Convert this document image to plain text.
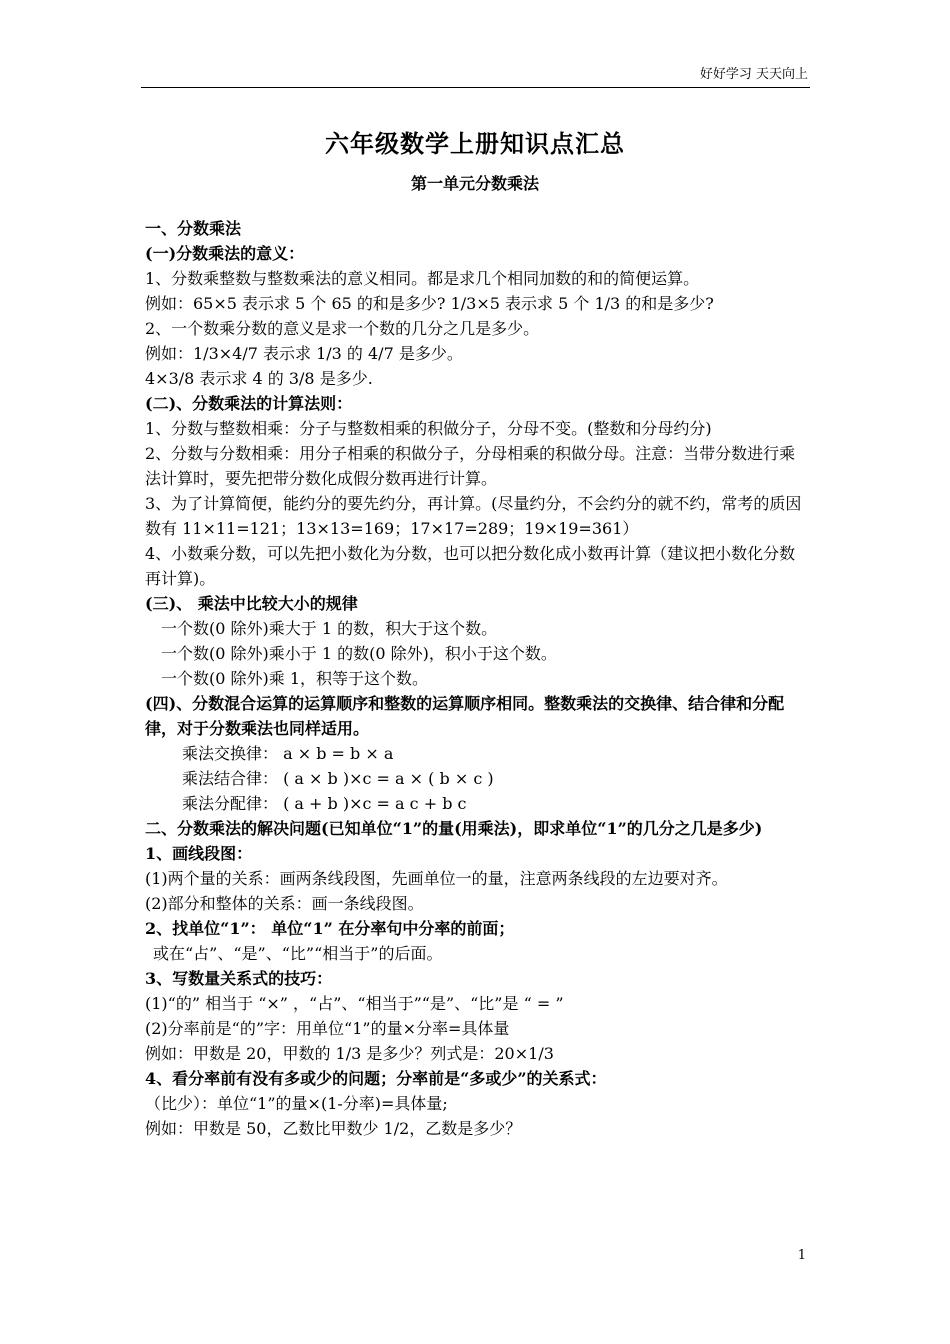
好好学习 天天向上
六年级数学上册知识点汇总
第一单元分数乘法
一、分数乘法
(一)分数乘法的意义：
1、分数乘整数与整数乘法的意义相同。都是求几个相同加数的和的简便运算。
例如：65×5 表示求 5 个 65 的和是多少? 1/3×5 表示求 5 个 1/3 的和是多少?
2、一个数乘分数的意义是求一个数的几分之几是多少。
例如：1/3×4/7 表示求 1/3 的 4/7 是多少。
4×3/8 表示求 4 的 3/8 是多少.
(二)、分数乘法的计算法则：
1、分数与整数相乘：分子与整数相乘的积做分子，分母不变。(整数和分母约分)
2、分数与分数相乘：用分子相乘的积做分子，分母相乘的积做分母。注意：当带分数进行乘法计算时，要先把带分数化成假分数再进行计算。
3、为了计算简便，能约分的要先约分，再计算。(尽量约分，不会约分的就不约，常考的质因数有 11×11=121；13×13=169；17×17=289；19×19=361）
4、小数乘分数，可以先把小数化为分数，也可以把分数化成小数再计算（建议把小数化分数再计算)。
(三)、 乘法中比较大小的规律
一个数(0 除外)乘大于 1 的数，积大于这个数。
一个数(0 除外)乘小于 1 的数(0 除外)，积小于这个数。
一个数(0 除外)乘 1，积等于这个数。
(四)、分数混合运算的运算顺序和整数的运算顺序相同。整数乘法的交换律、结合律和分配律，对于分数乘法也同样适用。
乘法交换律： a × b = b × a
乘法结合律： ( a × b )×c = a × ( b × c )
乘法分配律： ( a + b )×c = a c + b c
二、分数乘法的解决问题(已知单位“1”的量(用乘法)，即求单位“1”的几分之几是多少)
1、画线段图：
(1)两个量的关系：画两条线段图，先画单位一的量，注意两条线段的左边要对齐。
(2)部分和整体的关系：画一条线段图。
2、找单位“1”： 单位“1” 在分率句中分率的前面；
或在“占”、“是”、“比”“相当于”的后面。
3、写数量关系式的技巧：
(1)“的” 相当于 “×” ，“占”、“相当于”“是”、“比”是 “ = ”
(2)分率前是“的”字：用单位“1”的量×分率=具体量
例如：甲数是 20，甲数的 1/3 是多少？列式是：20×1/3
4、看分率前有没有多或少的问题；分率前是“多或少”的关系式：
（比少）：单位“1”的量×(1-分率)=具体量;
例如：甲数是 50，乙数比甲数少 1/2，乙数是多少？
1
